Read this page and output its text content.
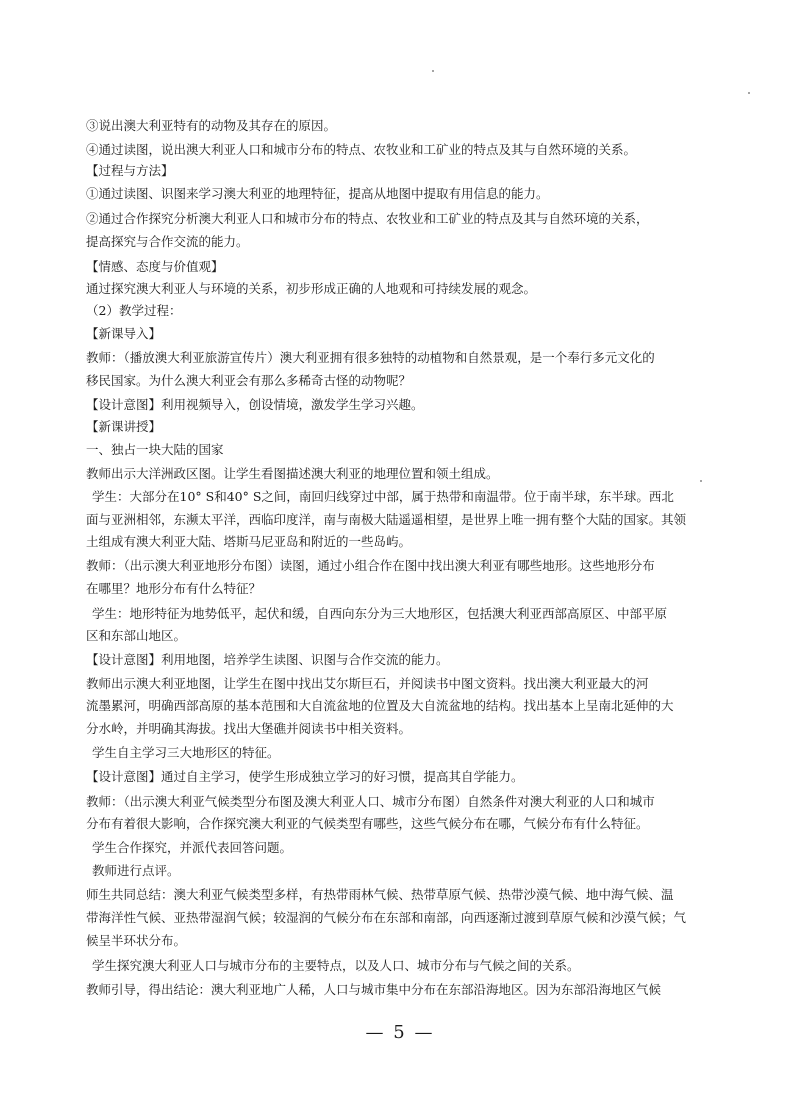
③说出澳大利亚特有的动物及其存在的原因。
④通过读图，说出澳大利亚人口和城市分布的特点、农牧业和工矿业的特点及其与自然环境的关系。
【过程与方法】
①通过读图、识图来学习澳大利亚的地理特征，提高从地图中提取有用信息的能力。
②通过合作探究分析澳大利亚人口和城市分布的特点、农牧业和工矿业的特点及其与自然环境的关系，
提高探究与合作交流的能力。
【情感、态度与价值观】
通过探究澳大利亚人与环境的关系，初步形成正确的人地观和可持续发展的观念。
（2）教学过程：
【新课导入】
教师：（播放澳大利亚旅游宣传片）澳大利亚拥有很多独特的动植物和自然景观，是一个奉行多元文化的
移民国家。为什么澳大利亚会有那么多稀奇古怪的动物呢？
【设计意图】利用视频导入，创设情境，激发学生学习兴趣。
【新课讲授】
一、独占一块大陆的国家
教师出示大洋洲政区图。让学生看图描述澳大利亚的地理位置和领土组成。
学生：大部分在10° S和40° S之间，南回归线穿过中部，属于热带和南温带。位于南半球，东半球。西北
面与亚洲相邻，东濒太平洋，西临印度洋，南与南极大陆遥遥相望，是世界上唯一拥有整个大陆的国家。其领
土组成有澳大利亚大陆、塔斯马尼亚岛和附近的一些岛屿。
教师：（出示澳大利亚地形分布图）读图，通过小组合作在图中找出澳大利亚有哪些地形。这些地形分布
在哪里？地形分布有什么特征？
学生：地形特征为地势低平，起伏和缓，自西向东分为三大地形区，包括澳大利亚西部高原区、中部平原
区和东部山地区。
【设计意图】利用地图，培养学生读图、识图与合作交流的能力。
教师出示澳大利亚地图，让学生在图中找出艾尔斯巨石，并阅读书中图文资料。找出澳大利亚最大的河
流墨累河，明确西部高原的基本范围和大自流盆地的位置及大自流盆地的结构。找出基本上呈南北延伸的大
分水岭，并明确其海拔。找出大堡礁并阅读书中相关资料。
学生自主学习三大地形区的特征。
【设计意图】通过自主学习，使学生形成独立学习的好习惯，提高其自学能力。
教师：（出示澳大利亚气候类型分布图及澳大利亚人口、城市分布图）自然条件对澳大利亚的人口和城市
分布有着很大影响，合作探究澳大利亚的气候类型有哪些，这些气候分布在哪，气候分布有什么特征。
学生合作探究，并派代表回答问题。
教师进行点评。
师生共同总结：澳大利亚气候类型多样，有热带雨林气候、热带草原气候、热带沙漠气候、地中海气候、温
带海洋性气候、亚热带湿润气候；较湿润的气候分布在东部和南部，向西逐渐过渡到草原气候和沙漠气候；气
候呈半环状分布。
学生探究澳大利亚人口与城市分布的主要特点，以及人口、城市分布与气候之间的关系。
教师引导，得出结论：澳大利亚地广人稀，人口与城市集中分布在东部沿海地区。因为东部沿海地区气候
— 5 —
